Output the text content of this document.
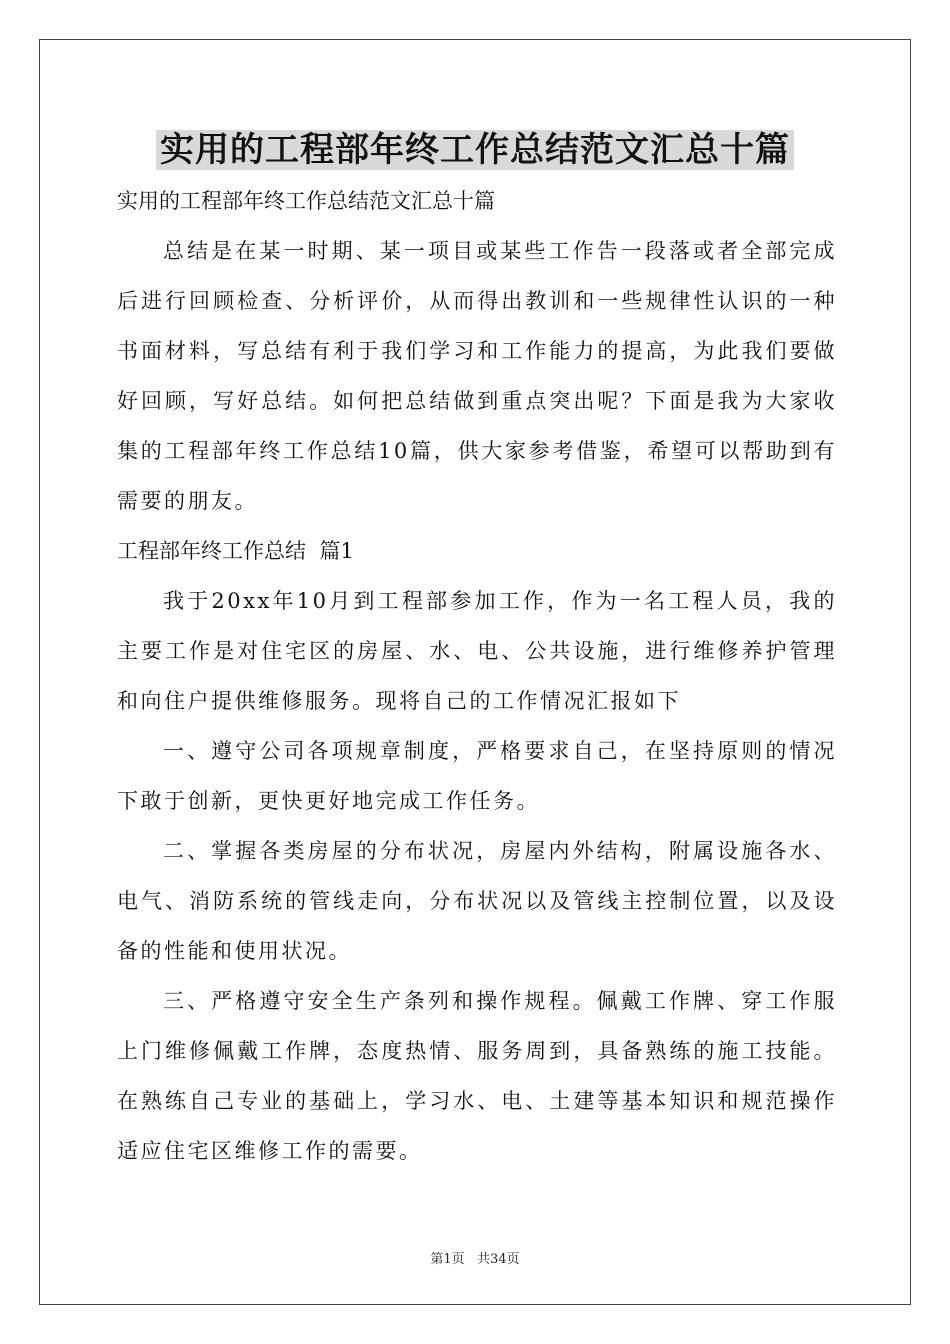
实用的工程部年终工作总结范文汇总十篇

实用的工程部年终工作总结范文汇总十篇

总结是在某一时期、某一项目或某些工作告一段落或者全部完成后进行回顾检查、分析评价，从而得出教训和一些规律性认识的一种书面材料，写总结有利于我们学习和工作能力的提高，为此我们要做好回顾，写好总结。如何把总结做到重点突出呢？下面是我为大家收集的工程部年终工作总结10篇，供大家参考借鉴，希望可以帮助到有需要的朋友。

工程部年终工作总结  篇1

我于20xx年10月到工程部参加工作，作为一名工程人员，我的主要工作是对住宅区的房屋、水、电、公共设施，进行维修养护管理和向住户提供维修服务。现将自己的工作情况汇报如下

一、遵守公司各项规章制度，严格要求自己，在坚持原则的情况下敢于创新，更快更好地完成工作任务。

二、掌握各类房屋的分布状况，房屋内外结构，附属设施各水、电气、消防系统的管线走向，分布状况以及管线主控制位置，以及设备的性能和使用状况。

三、严格遵守安全生产条列和操作规程。佩戴工作牌、穿工作服上门维修佩戴工作牌，态度热情、服务周到，具备熟练的施工技能。在熟练自己专业的基础上，学习水、电、土建等基本知识和规范操作适应住宅区维修工作的需要。

第1页   共34页
